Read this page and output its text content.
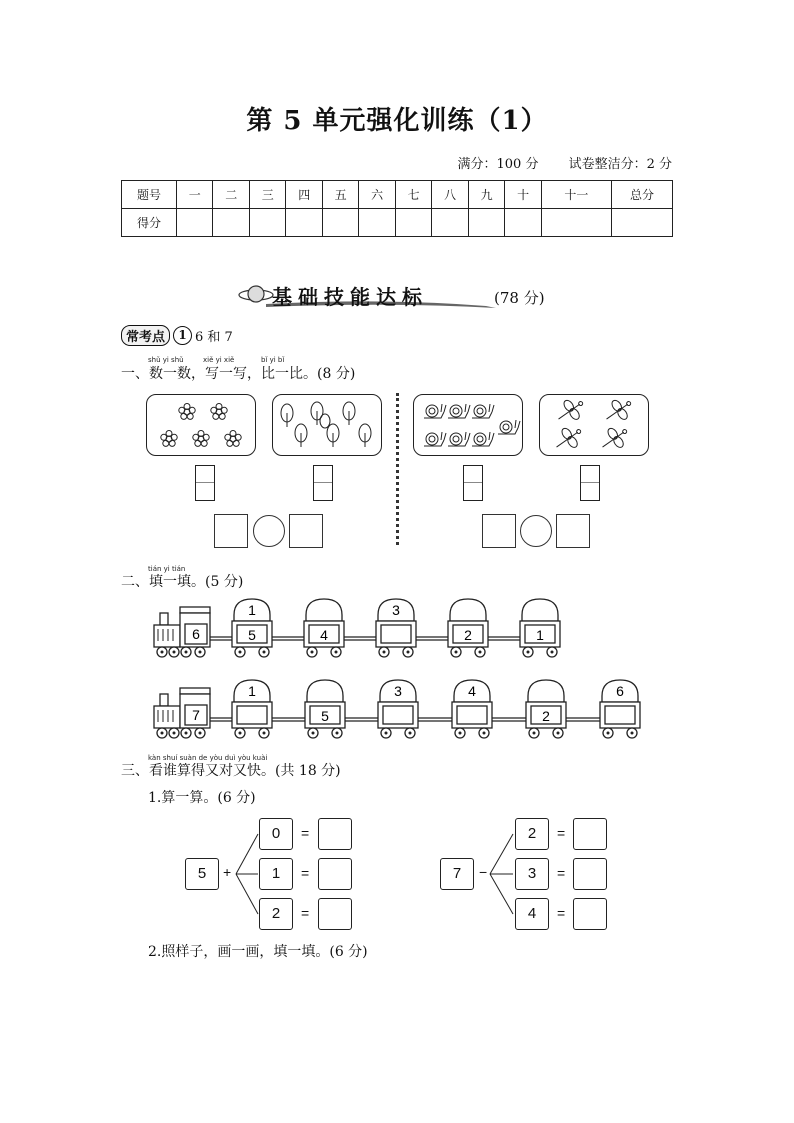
第 5 单元强化训练（1）
满分：100 分 试卷整洁分：2 分
题号	一	二	三	四	五	六	七	八	九	十	十一	总分
得分												
基础技能达标	(78 分)
常考点	1 6 和 7
shǔ yi shǔ	xiě yi xiě	bǐ yi bǐ
一、数一数，写一写，比一比。(8 分)
tián yi tián
二、填一填。(5 分)
6
1
5	4
3
2	1
7
1
5
3	4
2
6
kàn shuí suàn de yòu duì yòu kuài
三、看谁算得又对又快。(共 18 分)
1.算一算。(6 分)
5	+
0
1
2
=
=
=
7	−
2
3
4
=
=
=
2.照样子，画一画，填一填。(6 分)
